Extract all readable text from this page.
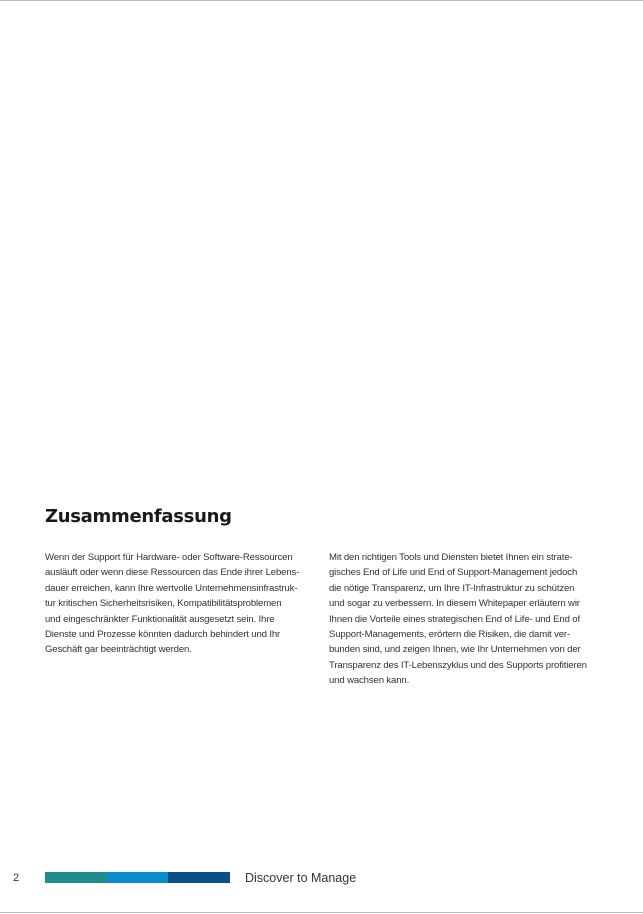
Zusammenfassung

Wenn der Support für Hardware- oder Software-Ressourcen
ausläuft oder wenn diese Ressourcen das Ende ihrer Lebens-
dauer erreichen, kann Ihre wertvolle Unternehmensinfrastruk-
tur kritischen Sicherheitsrisiken, Kompatibilitätsproblemen
und eingeschränkter Funktionalität ausgesetzt sein. Ihre
Dienste und Prozesse könnten dadurch behindert und Ihr
Geschäft gar beeinträchtigt werden.

Mit den richtigen Tools und Diensten bietet Ihnen ein strate-
gisches End of Life und End of Support-Management jedoch
die nötige Transparenz, um Ihre IT-Infrastruktur zu schützen
und sogar zu verbessern. In diesem Whitepaper erläutern wir
Ihnen die Vorteile eines strategischen End of Life- und End of
Support-Managements, erörtern die Risiken, die damit ver-
bunden sind, und zeigen Ihnen, wie Ihr Unternehmen von der
Transparenz des IT-Lebenszyklus und des Supports profitieren
und wachsen kann.

2	Discover to Manage
